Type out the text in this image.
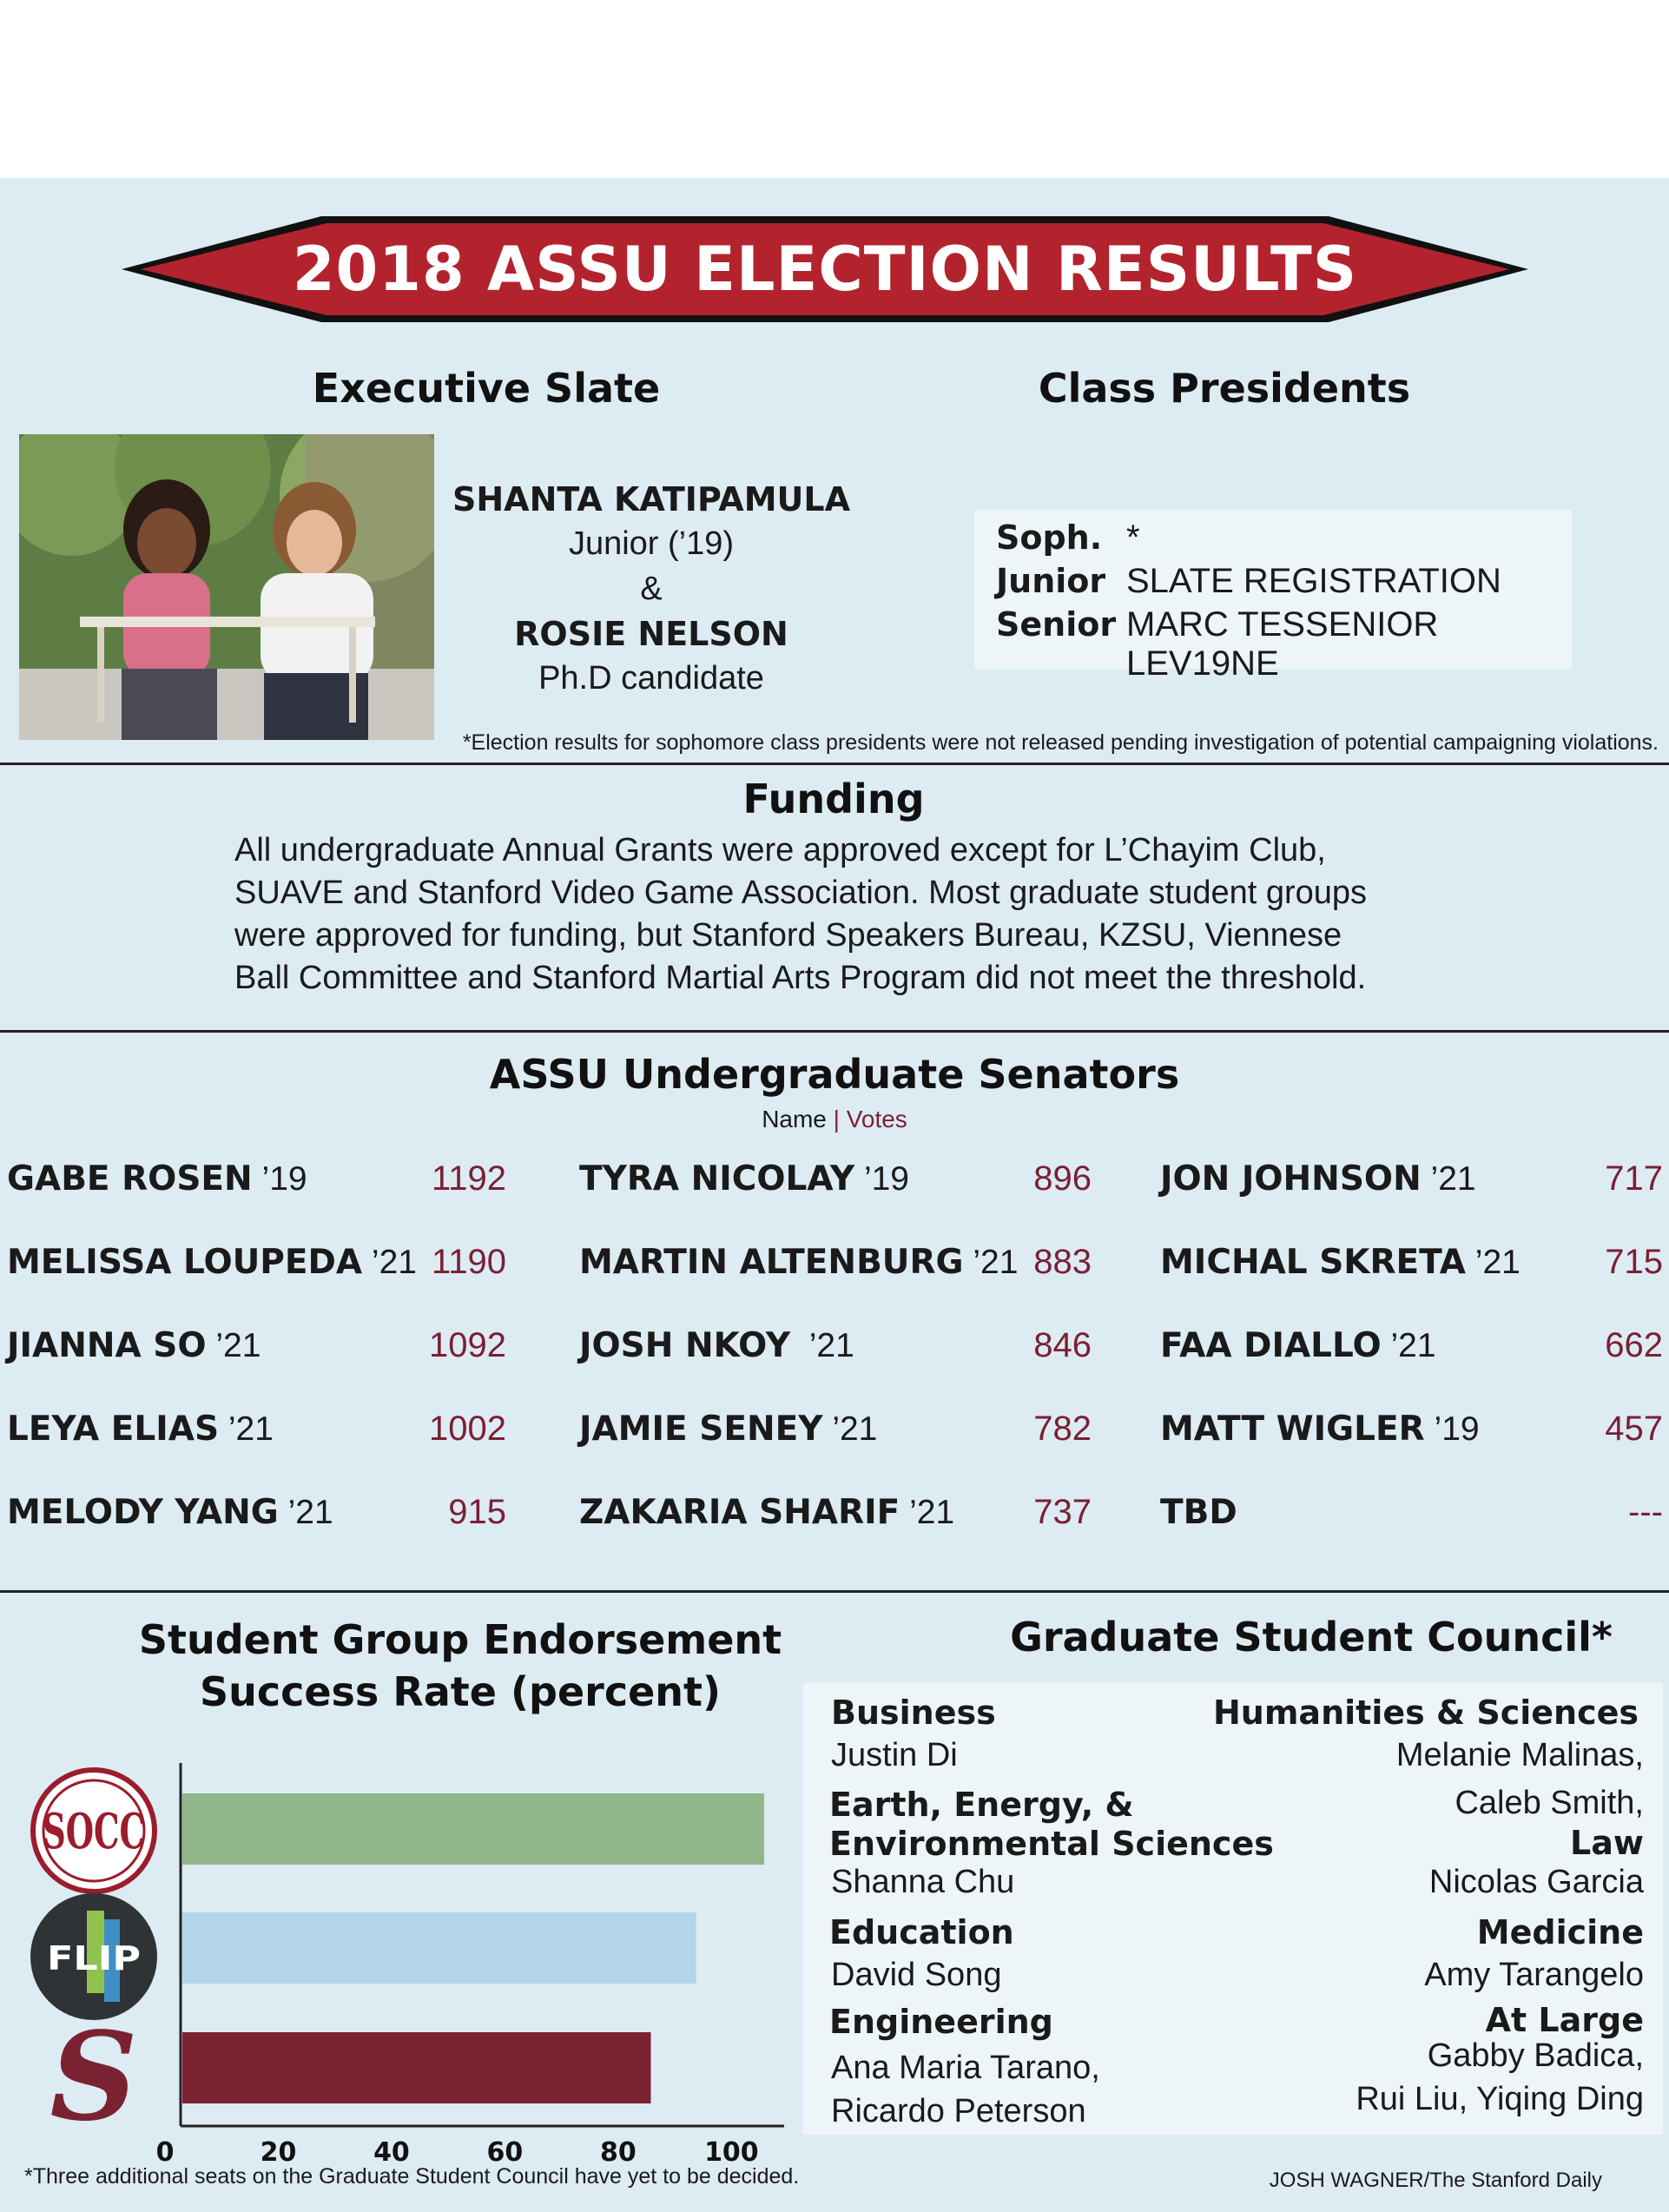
2018 ASSU ELECTION RESULTS
Executive Slate
SHANTA KATIPAMULA
Junior (’19)
&
ROSIE NELSON
Ph.D candidate
Class Presidents
Soph. *
Junior SLATE REGISTRATION
Senior MARC TESSENIOR LEV19NE
*Election results for sophomore class presidents were not released pending investigation of potential campaigning violations.
Funding
All undergraduate Annual Grants were approved except for L’Chayim Club,
SUAVE and Stanford Video Game Association. Most graduate student groups
were approved for funding, but Stanford Speakers Bureau, KZSU, Viennese
Ball Committee and Stanford Martial Arts Program did not meet the threshold.
ASSU Undergraduate Senators
Name | Votes
GABE ROSEN ’19	1192
MELISSA LOUPEDA ’21 1190
JIANNA SO ’21	1092
LEYA ELIAS ’21	1002
MELODY YANG ’21	915
TYRA NICOLAY ’19	896
MARTIN ALTENBURG ’21 883
JOSH NKOY  ’21	846
JAMIE SENEY ’21	782
ZAKARIA SHARIF ’21	737
JON JOHNSON ’21	717
MICHAL SKRETA ’21	715
FAA DIALLO ’21	662
MATT WIGLER ’19	457
TBD	---
Student Group Endorsement
Success Rate (percent)
0	20	40	60	80	100
SOCC
FLIP
S
*Three additional seats on the Graduate Student Council have yet to be decided.
Graduate Student Council*
Business
Justin Di
Earth, Energy, &
Environmental Sciences
Shanna Chu
Education
David Song
Engineering
Ana Maria Tarano,
Ricardo Peterson
Humanities & Sciences
Melanie Malinas,
Caleb Smith,
Law
Nicolas Garcia
Medicine
Amy Tarangelo
At Large
Gabby Badica,
Rui Liu, Yiqing Ding
JOSH WAGNER/The Stanford Daily
